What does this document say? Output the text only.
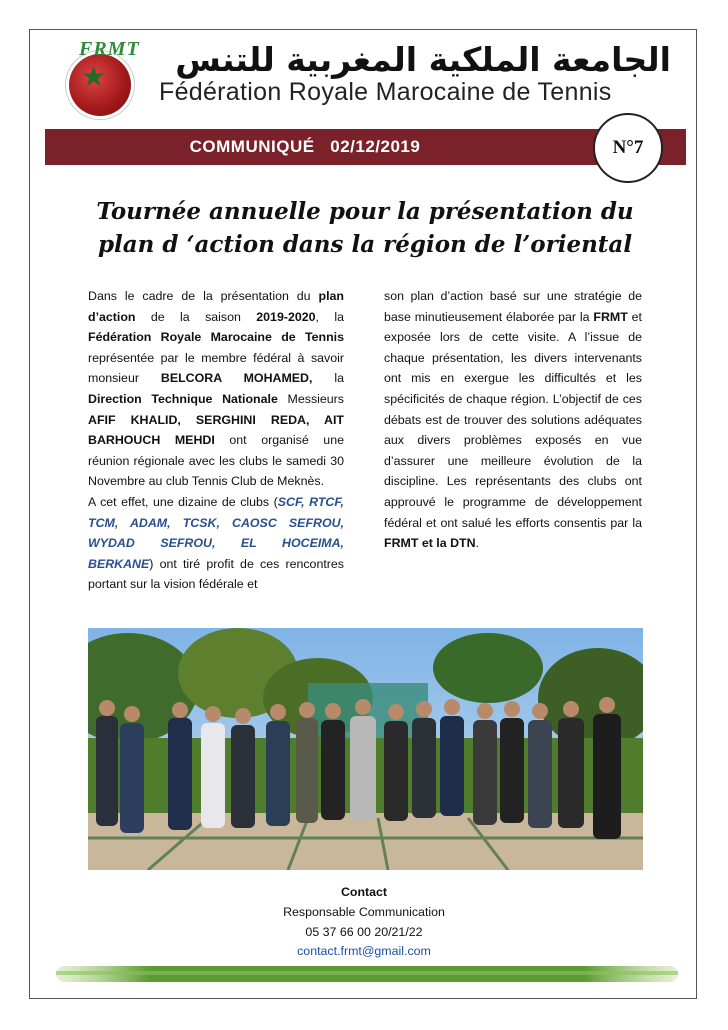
★
FRMT الجامعة الملكية المغربية للتنس
Fédération Royale Marocaine de Tennis
COMMUNIQUÉ   02/12/2019	N°7
Tournée annuelle pour la présentation du
plan d ‘action dans la région de l’oriental
Dans le cadre de la présentation du plan d’action de la saison 2019-2020, la Fédération Royale Marocaine de Tennis représentée par le membre fédéral à savoir monsieur BELCORA MOHAMED, la Direction Technique Nationale Messieurs AFIF KHALID, SERGHINI REDA, AIT BARHOUCH MEHDI ont organisé une réunion régionale avec les clubs le samedi 30 Novembre au club Tennis Club de Meknès.
A cet effet, une dizaine de clubs (SCF, RTCF, TCM, ADAM, TCSK, CAOSC SEFROU, WYDAD SEFROU, EL HOCEIMA, BERKANE) ont tiré profit de ces rencontres portant sur la vision fédérale et
son plan d’action basé sur une stratégie de base minutieusement élaborée par la FRMT et exposée lors de cette visite. A l’issue de chaque présentation, les divers intervenants ont mis en exergue les difficultés et les spécificités de chaque région. L’objectif de ces débats est de trouver des solutions adéquates aux divers problèmes exposés en vue d’assurer une meilleure évolution de la discipline. Les représentants des clubs ont approuvé le programme de développement fédéral et ont salué les efforts consentis par la FRMT et la DTN.
Contact
Responsable Communication
05 37 66 00 20/21/22
contact.frmt@gmail.com
